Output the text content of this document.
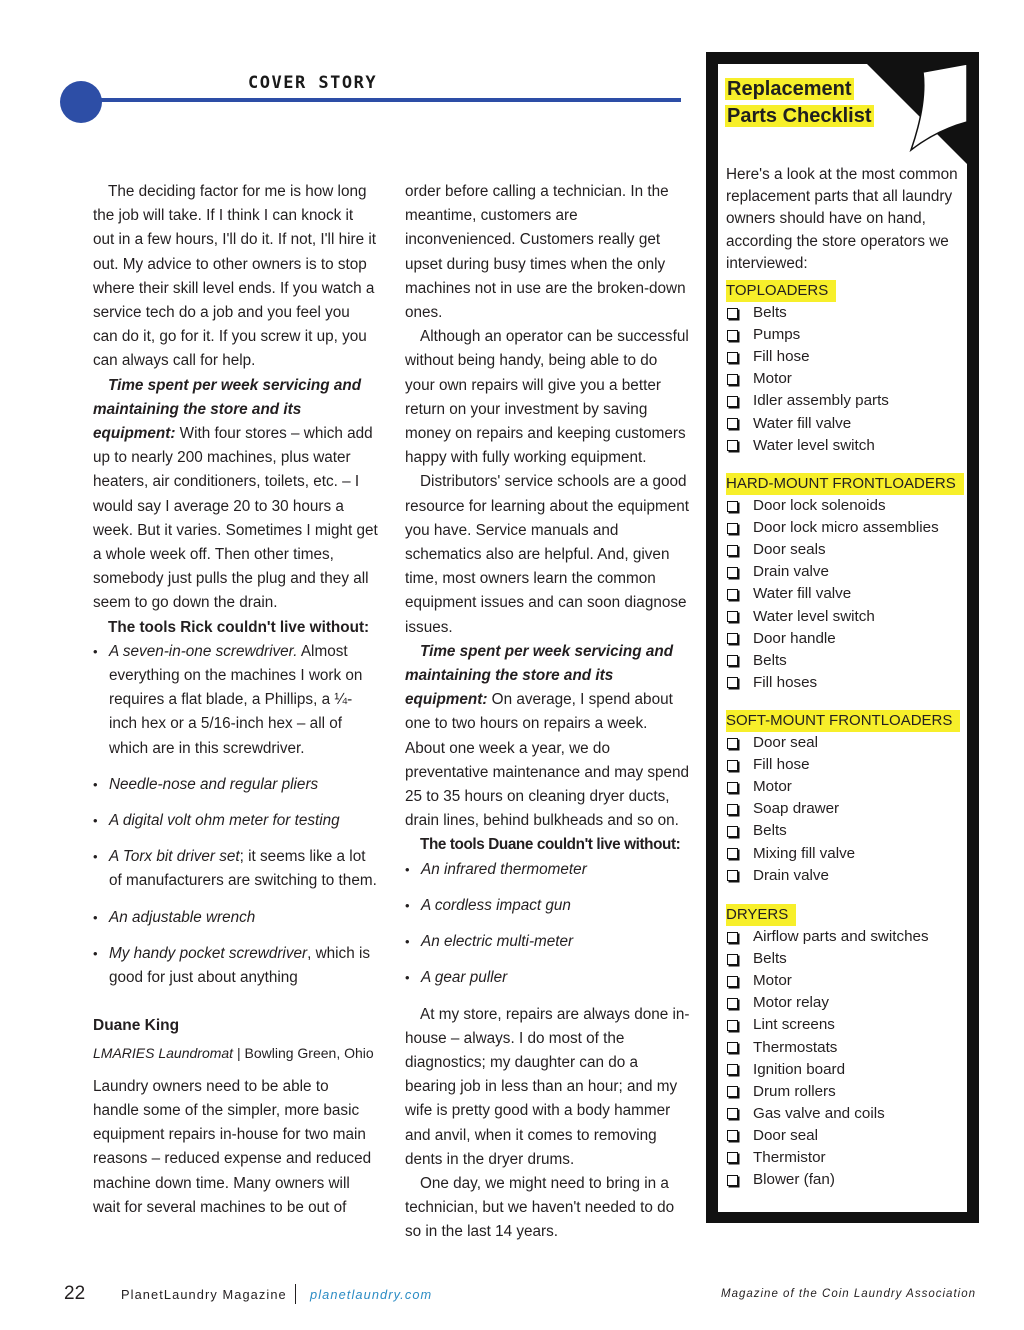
COVER STORY

The deciding factor for me is how long the job will take. If I think I can knock it out in a few hours, I'll do it. If not, I'll hire it out. My advice to other owners is to stop where their skill level ends. If you watch a service tech do a job and you feel you can do it, go for it. If you screw it up, you can always call for help.

Time spent per week servicing and maintaining the store and its equipment: With four stores – which add up to nearly 200 machines, plus water heaters, air conditioners, toilets, etc. – I would say I average 20 to 30 hours a week. But it varies. Sometimes I might get a whole week off. Then other times, somebody just pulls the plug and they all seem to go down the drain.

The tools Rick couldn't live without:

• A seven-in-one screwdriver. Almost everything on the machines I work on requires a flat blade, a Phillips, a ¼-inch hex or a 5/16-inch hex – all of which are in this screwdriver.
• Needle-nose and regular pliers
• A digital volt ohm meter for testing
• A Torx bit driver set; it seems like a lot of manufacturers are switching to them.
• An adjustable wrench
• My handy pocket screwdriver, which is good for just about anything

Duane King

LMARIES Laundromat | Bowling Green, Ohio

Laundry owners need to be able to handle some of the simpler, more basic equipment repairs in-house for two main reasons – reduced expense and reduced machine down time. Many owners will wait for several machines to be out of

order before calling a technician. In the meantime, customers are inconvenienced. Customers really get upset during busy times when the only machines not in use are the broken-down ones.

Although an operator can be successful without being handy, being able to do your own repairs will give you a better return on your investment by saving money on repairs and keeping customers happy with fully working equipment.

Distributors' service schools are a good resource for learning about the equipment you have. Service manuals and schematics also are helpful. And, given time, most owners learn the common equipment issues and can soon diagnose issues.

Time spent per week servicing and maintaining the store and its equipment: On average, I spend about one to two hours on repairs a week. About one week a year, we do preventative maintenance and may spend 25 to 35 hours on cleaning dryer ducts, drain lines, behind bulkheads and so on.

The tools Duane couldn't live without:

• An infrared thermometer
• A cordless impact gun
• An electric multi-meter
• A gear puller

At my store, repairs are always done in-house – always. I do most of the diagnostics; my daughter can do a bearing job in less than an hour; and my wife is pretty good with a body hammer and anvil, when it comes to removing dents in the dryer drums.

One day, we might need to bring in a technician, but we haven't needed to do so in the last 14 years.

Replacement
Parts Checklist

Here's a look at the most common replacement parts that all laundry owners should have on hand, according the store operators we interviewed:

TOPLOADERS
Belts
Pumps
Fill hose
Motor
Idler assembly parts
Water fill valve
Water level switch
HARD-MOUNT FRONTLOADERS
Door lock solenoids
Door lock micro assemblies
Door seals
Drain valve
Water fill valve
Water level switch
Door handle
Belts
Fill hoses
SOFT-MOUNT FRONTLOADERS
Door seal
Fill hose
Motor
Soap drawer
Belts
Mixing fill valve
Drain valve
DRYERS
Airflow parts and switches
Belts
Motor
Motor relay
Lint screens
Thermostats
Ignition board
Drum rollers
Gas valve and coils
Door seal
Thermistor
Blower (fan)
22	PlanetLaundry Magazine planetlaundry.com	Magazine of the Coin Laundry Association
